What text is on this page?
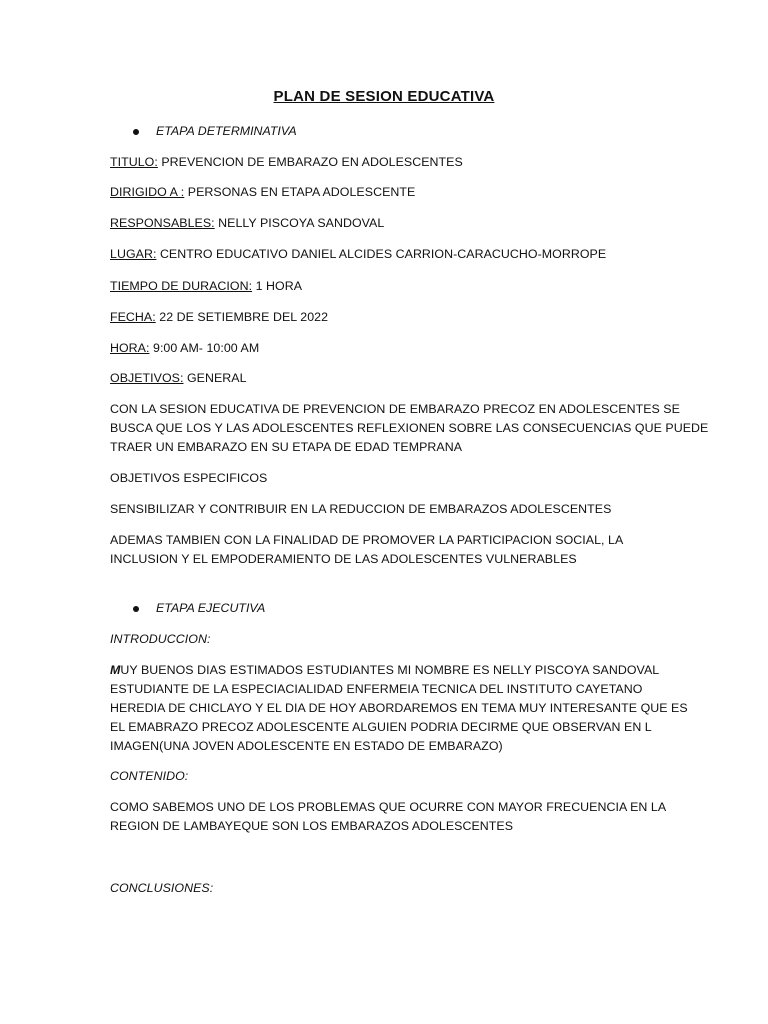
PLAN DE SESION EDUCATIVA
ETAPA DETERMINATIVA
TITULO: PREVENCION DE EMBARAZO EN ADOLESCENTES
DIRIGIDO A : PERSONAS EN ETAPA ADOLESCENTE
RESPONSABLES: NELLY PISCOYA SANDOVAL
LUGAR: CENTRO EDUCATIVO DANIEL ALCIDES CARRION-CARACUCHO-MORROPE
TIEMPO DE DURACION: 1 HORA
FECHA: 22 DE SETIEMBRE DEL 2022
HORA: 9:00 AM- 10:00 AM
OBJETIVOS: GENERAL
CON LA SESION EDUCATIVA DE PREVENCION DE EMBARAZO PRECOZ EN ADOLESCENTES SE
BUSCA QUE LOS Y LAS ADOLESCENTES REFLEXIONEN SOBRE LAS CONSECUENCIAS QUE PUEDE
TRAER UN EMBARAZO EN SU ETAPA DE EDAD TEMPRANA
OBJETIVOS ESPECIFICOS
SENSIBILIZAR Y CONTRIBUIR EN LA REDUCCION DE EMBARAZOS ADOLESCENTES
ADEMAS TAMBIEN CON LA FINALIDAD DE PROMOVER LA PARTICIPACION SOCIAL, LA
INCLUSION Y EL EMPODERAMIENTO DE LAS ADOLESCENTES VULNERABLES
ETAPA EJECUTIVA
INTRODUCCION:
MUY BUENOS DIAS ESTIMADOS ESTUDIANTES MI NOMBRE ES NELLY PISCOYA SANDOVAL
ESTUDIANTE DE LA ESPECIACIALIDAD ENFERMEIA TECNICA DEL INSTITUTO CAYETANO
HEREDIA DE CHICLAYO Y EL DIA DE HOY ABORDAREMOS EN TEMA MUY INTERESANTE QUE ES
EL EMABRAZO PRECOZ ADOLESCENTE ALGUIEN PODRIA DECIRME QUE OBSERVAN EN L
IMAGEN(UNA JOVEN ADOLESCENTE EN ESTADO DE EMBARAZO)
CONTENIDO:
COMO SABEMOS UNO DE LOS PROBLEMAS QUE OCURRE CON MAYOR FRECUENCIA EN LA
REGION DE LAMBAYEQUE SON LOS EMBARAZOS ADOLESCENTES
CONCLUSIONES:
